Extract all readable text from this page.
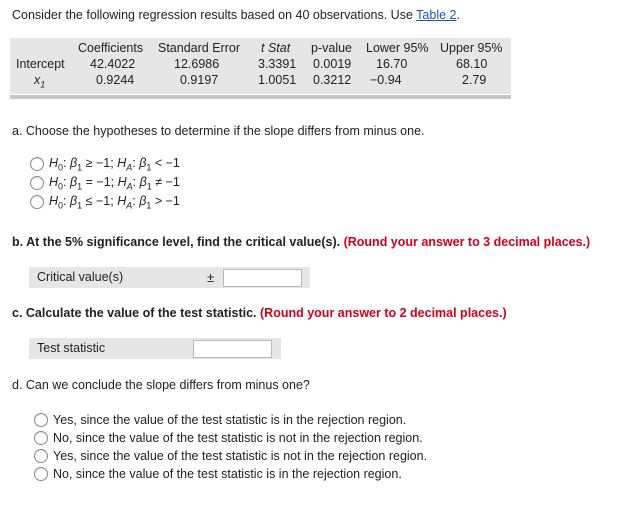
Consider the following regression results based on 40 observations. Use Table 2.
Coefficients Standard Error t Stat p-value Lower 95% Upper 95%
Intercept 42.4022	12.6986	3.3391 0.0019 16.70	68.10
$x_1$	0.9244	0.9197	1.0051 0.3212 −0.94	2.79
a. Choose the hypotheses to determine if the slope differs from minus one.
$H_0$: $\beta_1 \ge -1$; $H_A$: $\beta_1 < -1$
$H_0$: $\beta_1 = -1$; $H_A$: $\beta_1 \ne -1$
$H_0$: $\beta_1 \le -1$; $H_A$: $\beta_1 > -1$
b. At the 5% significance level, find the critical value(s). (Round your answer to 3 decimal places.)
Critical value(s)	±
c. Calculate the value of the test statistic. (Round your answer to 2 decimal places.)
Test statistic
d. Can we conclude the slope differs from minus one?
Yes, since the value of the test statistic is in the rejection region.
No, since the value of the test statistic is not in the rejection region.
Yes, since the value of the test statistic is not in the rejection region.
No, since the value of the test statistic is in the rejection region.
